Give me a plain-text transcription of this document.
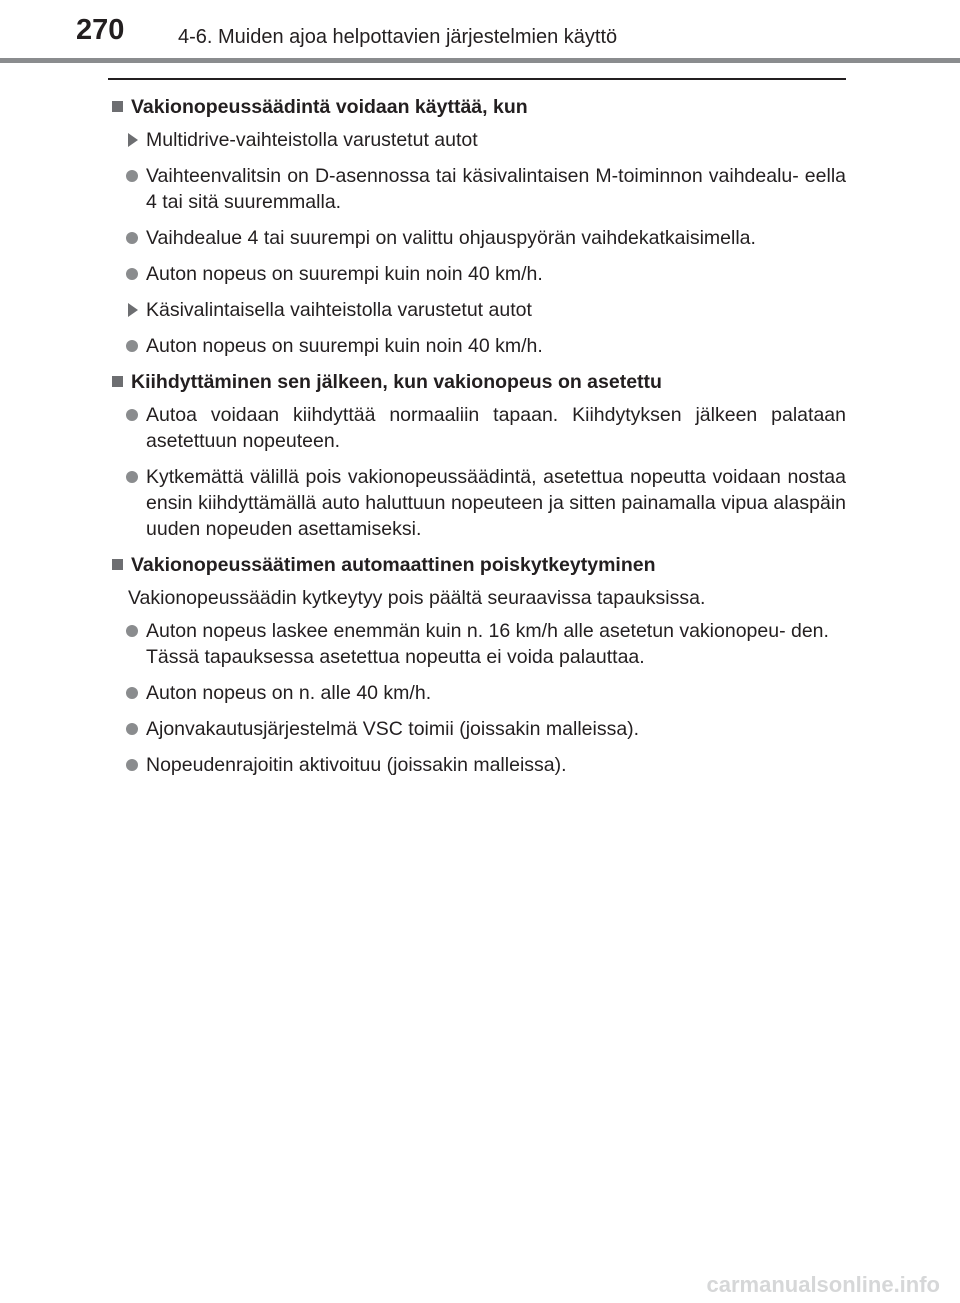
270	4-6. Muiden ajoa helpottavien järjestelmien käyttö
Vakionopeussäädintä voidaan käyttää, kun
Multidrive-vaihteistolla varustetut autot
Vaihteenvalitsin on D-asennossa tai käsivalintaisen M-toiminnon vaihdealu- eella 4 tai sitä suuremmalla.
Vaihdealue 4 tai suurempi on valittu ohjauspyörän vaihdekatkaisimella.
Auton nopeus on suurempi kuin noin 40 km/h.
Käsivalintaisella vaihteistolla varustetut autot
Auton nopeus on suurempi kuin noin 40 km/h.
Kiihdyttäminen sen jälkeen, kun vakionopeus on asetettu
Autoa voidaan kiihdyttää normaaliin tapaan. Kiihdytyksen jälkeen palataan asetettuun nopeuteen.
Kytkemättä välillä pois vakionopeussäädintä, asetettua nopeutta voidaan nostaa ensin kiihdyttämällä auto haluttuun nopeuteen ja sitten painamalla vipua alaspäin uuden nopeuden asettamiseksi.
Vakionopeussäätimen automaattinen poiskytkeytyminen
Vakionopeussäädin kytkeytyy pois päältä seuraavissa tapauksissa.
Auton nopeus laskee enemmän kuin n. 16 km/h alle asetetun vakionopeu- den.
Tässä tapauksessa asetettua nopeutta ei voida palauttaa.
Auton nopeus on n. alle 40 km/h.
Ajonvakautusjärjestelmä VSC toimii (joissakin malleissa).
Nopeudenrajoitin aktivoituu (joissakin malleissa).
carmanualsonline.info
